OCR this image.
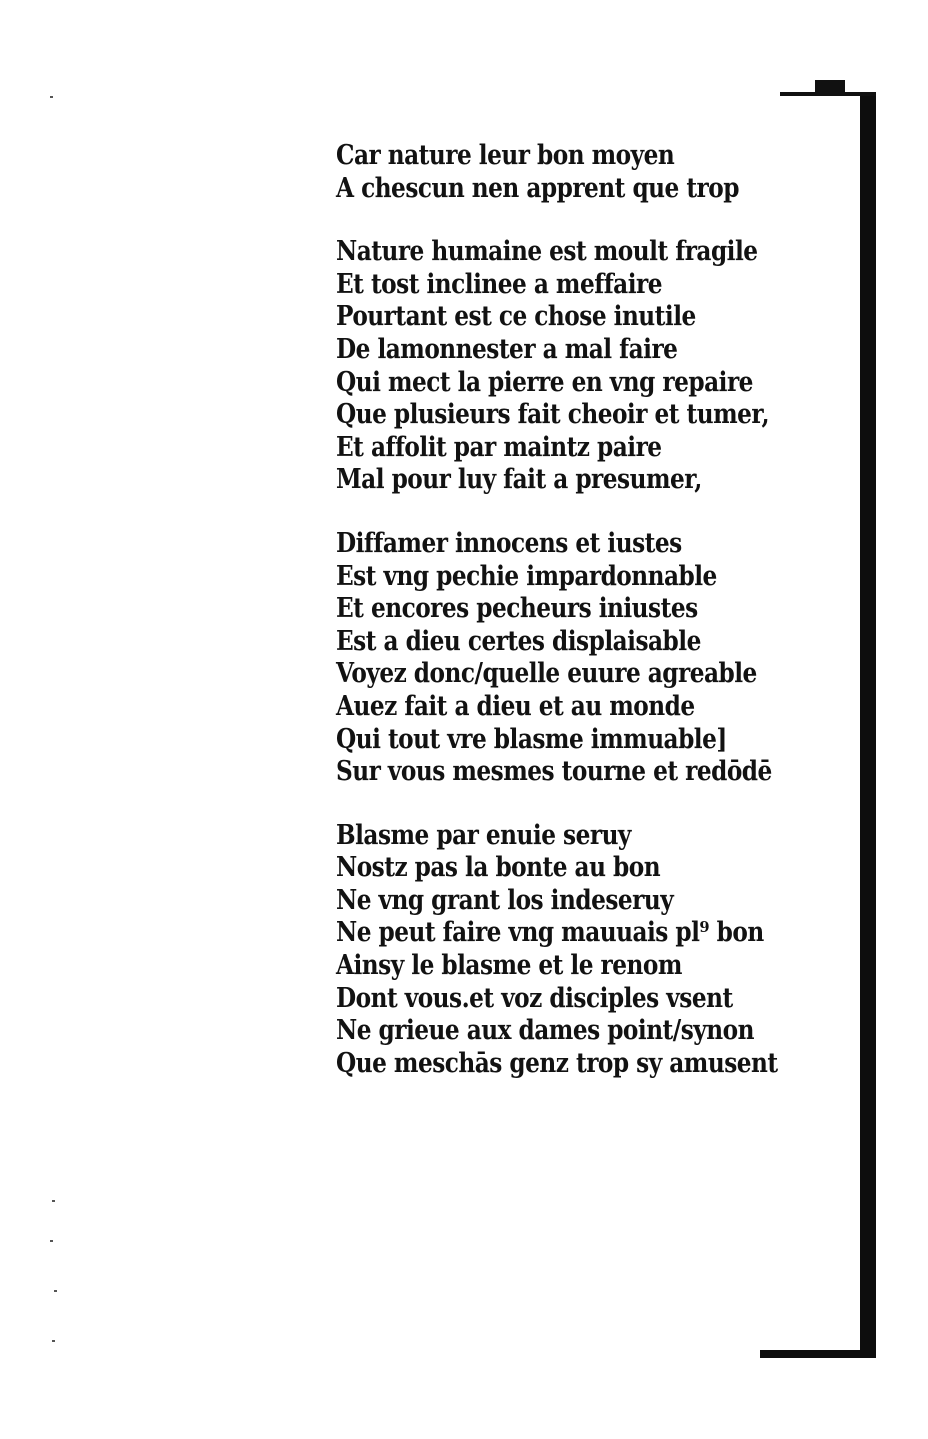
Car nature leur bon moyen
A chescun nen apprent que trop
Nature humaine est moult fragile
Et tost inclinee a meffaire
Pourtant est ce chose inutile
De lamonnester a mal faire
Qui mect la pierre en vng repaire
Que plusieurs fait cheoir et tumer,
Et affolit par maintz paire
Mal pour luy fait a presumer,
Diffamer innocens et iustes
Est vng pechie impardonnable
Et encores pecheurs iniustes
Est a dieu certes displaisable
Voyez donc/quelle euure agreable
Auez fait a dieu et au monde
Qui tout vre blasme immuable]
Sur vous mesmes tourne et redōdē
Blasme par enuie seruy
Nostz pas la bonte au bon
Ne vng grant los indeseruy
Ne peut faire vng mauuais pl⁹ bon
Ainsy le blasme et le renom
Dont vous.et voz disciples vsent
Ne grieue aux dames point/synon
Que meschās genz trop sy amusent
